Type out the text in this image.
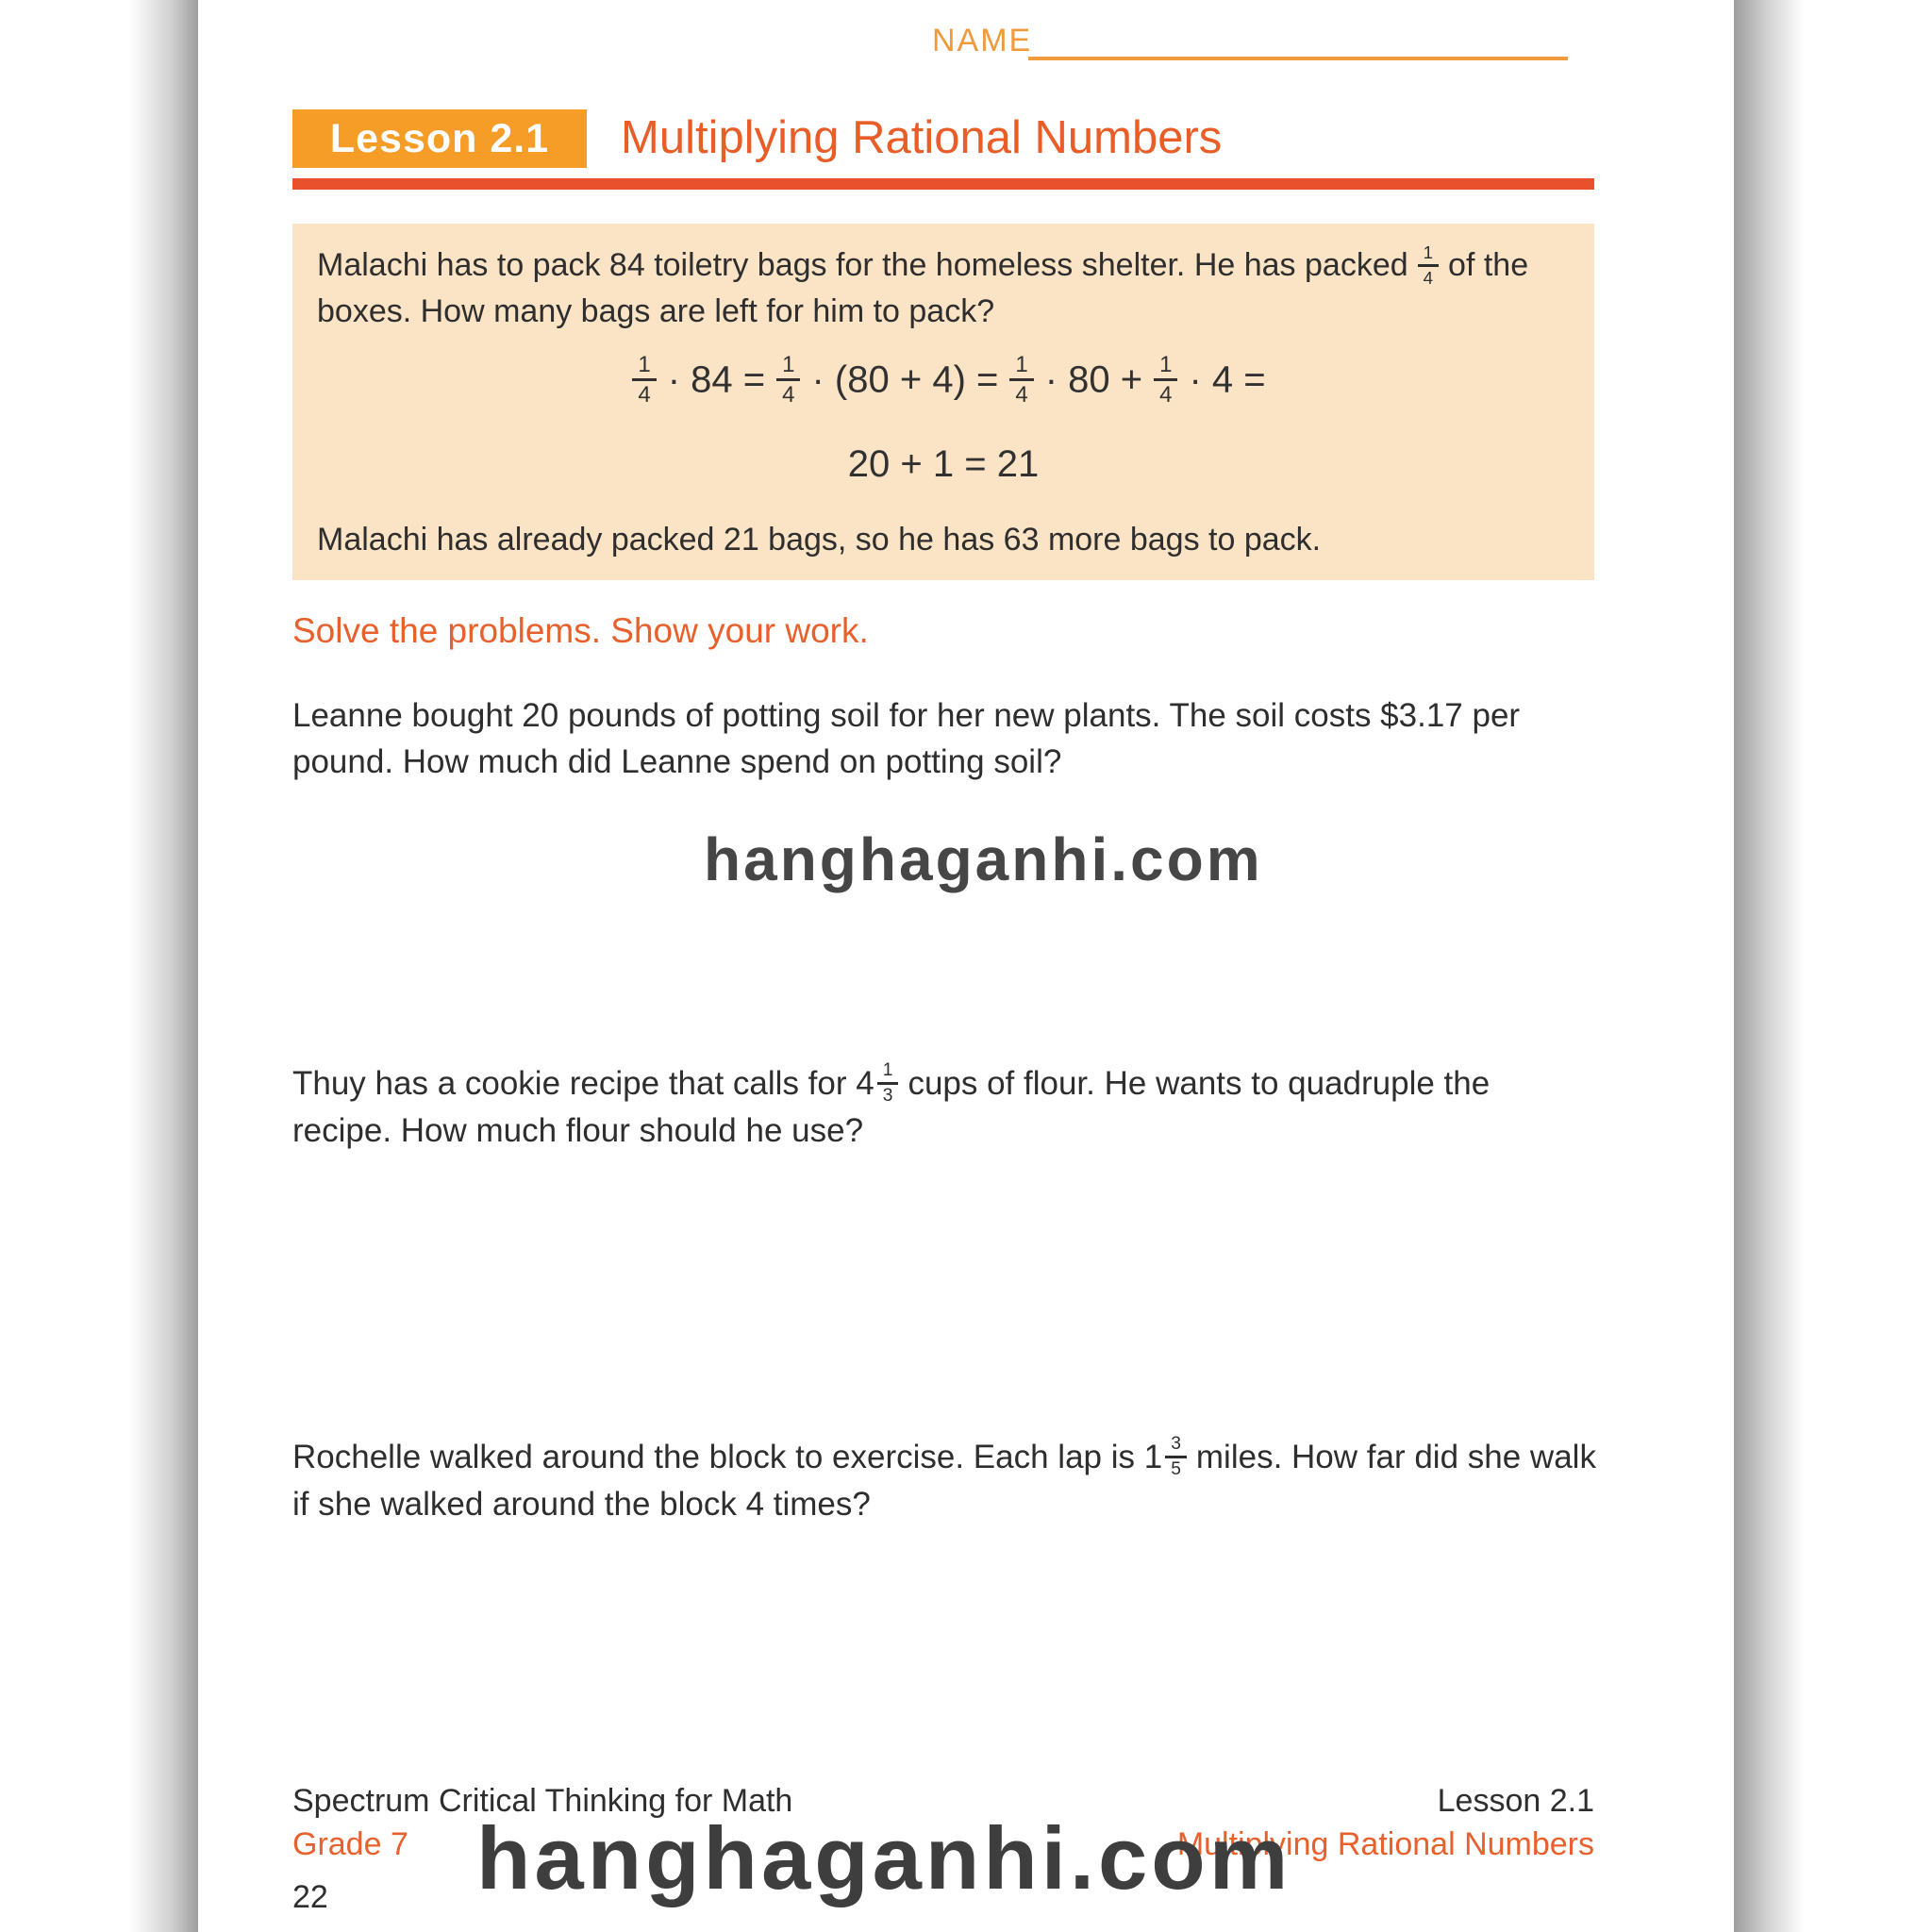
NAME
Lesson 2.1	Multiplying Rational Numbers
Malachi has to pack 84 toiletry bags for the homeless shelter. He has packed $\frac{1}{4}$ of the boxes. How many bags are left for him to pack?
$\frac{1}{4} \cdot 84 = \frac{1}{4} \cdot (80 + 4) = \frac{1}{4} \cdot 80 + \frac{1}{4} \cdot 4$ =
20 + 1 = 21
Malachi has already packed 21 bags, so he has 63 more bags to pack.
Solve the problems. Show your work.

Leanne bought 20 pounds of potting soil for her new plants. The soil costs $3.17 per pound. How much did Leanne spend on potting soil?

hanghaganhi.com

Thuy has a cookie recipe that calls for $4 \frac{1}{3}$ cups of flour. He wants to quadruple the recipe. How much flour should he use?

Rochelle walked around the block to exercise. Each lap is $1 \frac{3}{5}$ miles. How far did she walk if she walked around the block 4 times?

Spectrum Critical Thinking for Math
Grade 7
22
Lesson 2.1
Multiplying Rational Numbers
hanghaganhi.com
